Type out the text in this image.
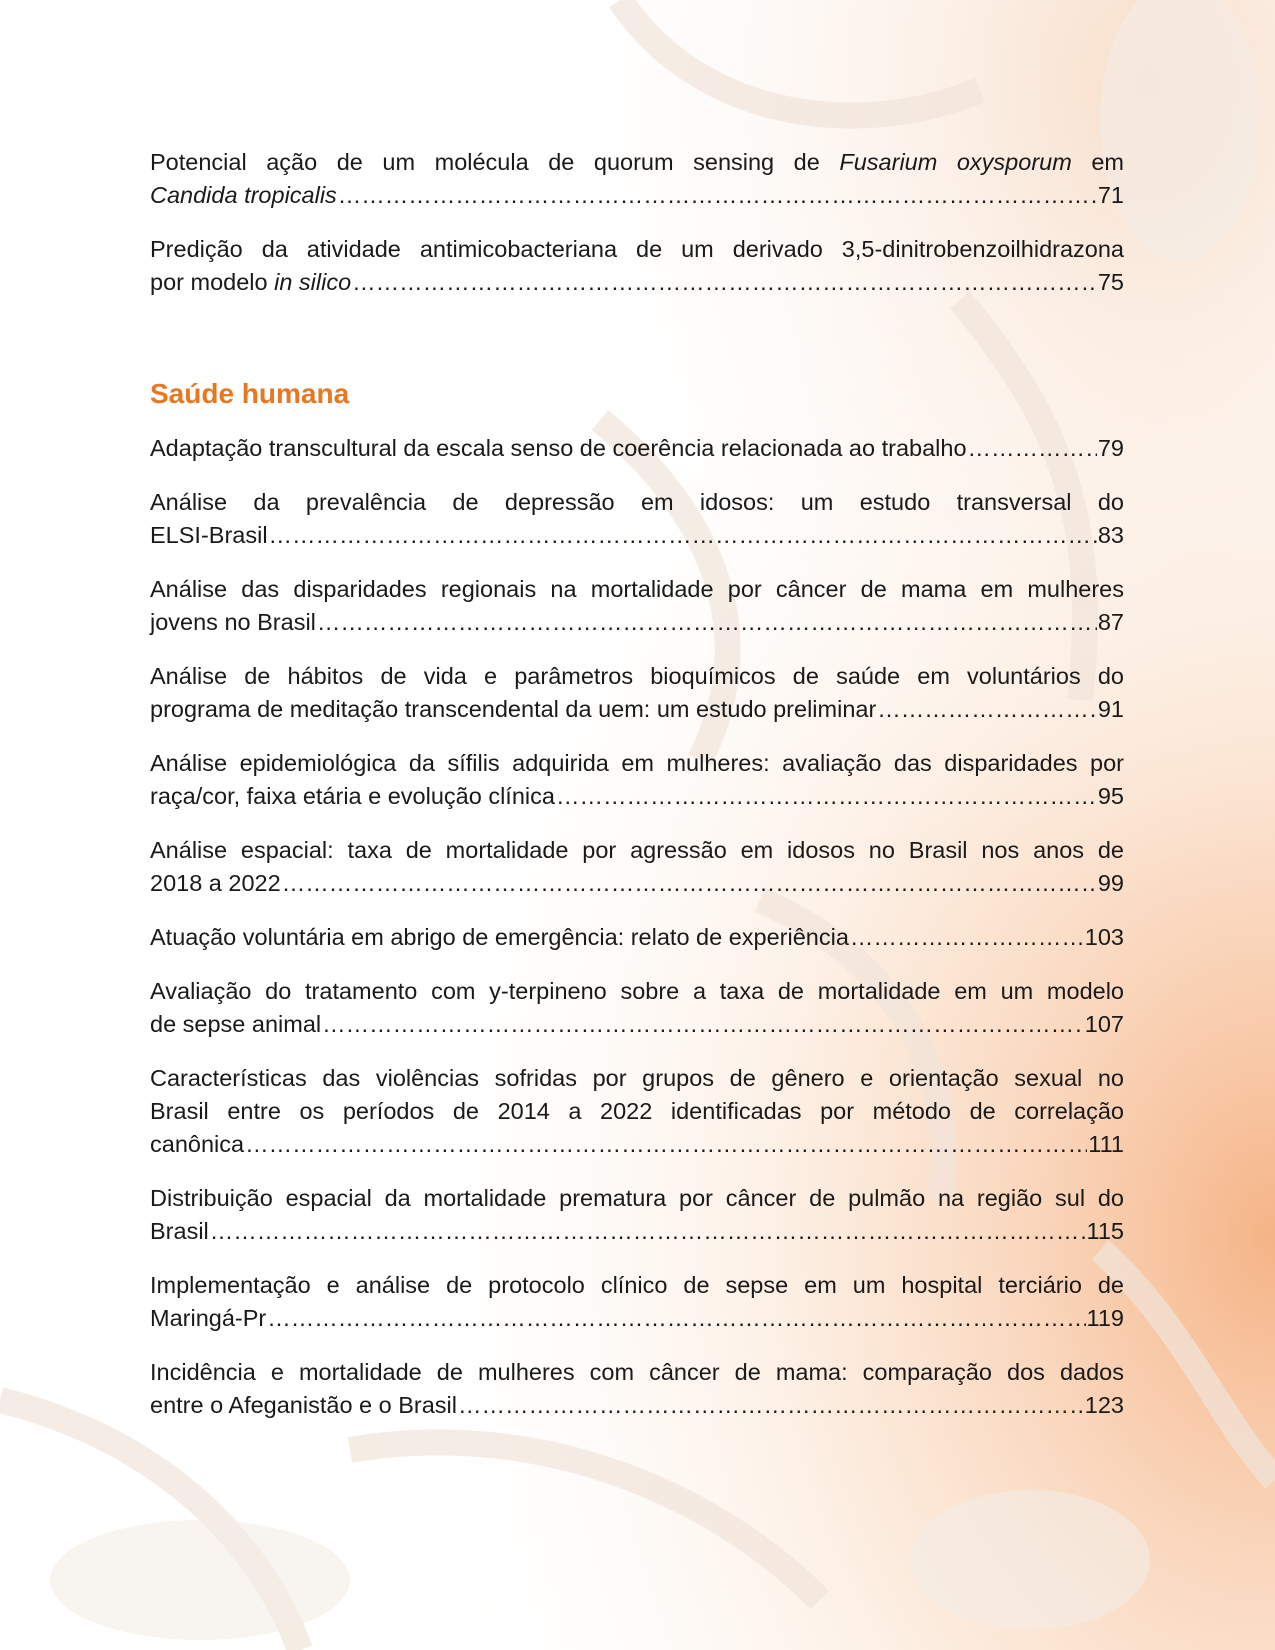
Potencial ação de um molécula de quorum sensing de Fusarium oxysporum em
Candida tropicalis ……………………………………………………………………………………………………………………………………………………………………………………………………	71
Predição da atividade antimicobacteriana de um derivado 3,5-dinitrobenzoilhidrazona
por modelo in silico ……………………………………………………………………………………………………………………………………………………………………………………………………	75
Saúde humana
Adaptação transcultural da escala senso de coerência relacionada ao trabalho ……………………………………………………………………………………………………………………………………………………………………………………………………	79
Análise da prevalência de depressão em idosos: um estudo transversal do
ELSI-Brasil ……………………………………………………………………………………………………………………………………………………………………………………………………	83
Análise das disparidades regionais na mortalidade por câncer de mama em mulheres
jovens no Brasil ……………………………………………………………………………………………………………………………………………………………………………………………………	87
Análise de hábitos de vida e parâmetros bioquímicos de saúde em voluntários do
programa de meditação transcendental da uem: um estudo preliminar ……………………………………………………………………………………………………………………………………………………………………………………………………	91
Análise epidemiológica da sífilis adquirida em mulheres: avaliação das disparidades por
raça/cor, faixa etária e evolução clínica ……………………………………………………………………………………………………………………………………………………………………………………………………	95
Análise espacial: taxa de mortalidade por agressão em idosos no Brasil nos anos de
2018 a 2022 ……………………………………………………………………………………………………………………………………………………………………………………………………	99
Atuação voluntária em abrigo de emergência: relato de experiência ……………………………………………………………………………………………………………………………………………………………………………………………………	103
Avaliação do tratamento com y-terpineno sobre a taxa de mortalidade em um modelo
de sepse animal ……………………………………………………………………………………………………………………………………………………………………………………………………	107
Características das violências sofridas por grupos de gênero e orientação sexual no
Brasil entre os períodos de 2014 a 2022 identificadas por método de correlação
canônica ……………………………………………………………………………………………………………………………………………………………………………………………………	111
Distribuição espacial da mortalidade prematura por câncer de pulmão na região sul do
Brasil ……………………………………………………………………………………………………………………………………………………………………………………………………	115
Implementação e análise de protocolo clínico de sepse em um hospital terciário de
Maringá-Pr ……………………………………………………………………………………………………………………………………………………………………………………………………	119
Incidência e mortalidade de mulheres com câncer de mama: comparação dos dados
entre o Afeganistão e o Brasil ……………………………………………………………………………………………………………………………………………………………………………………………………	123
